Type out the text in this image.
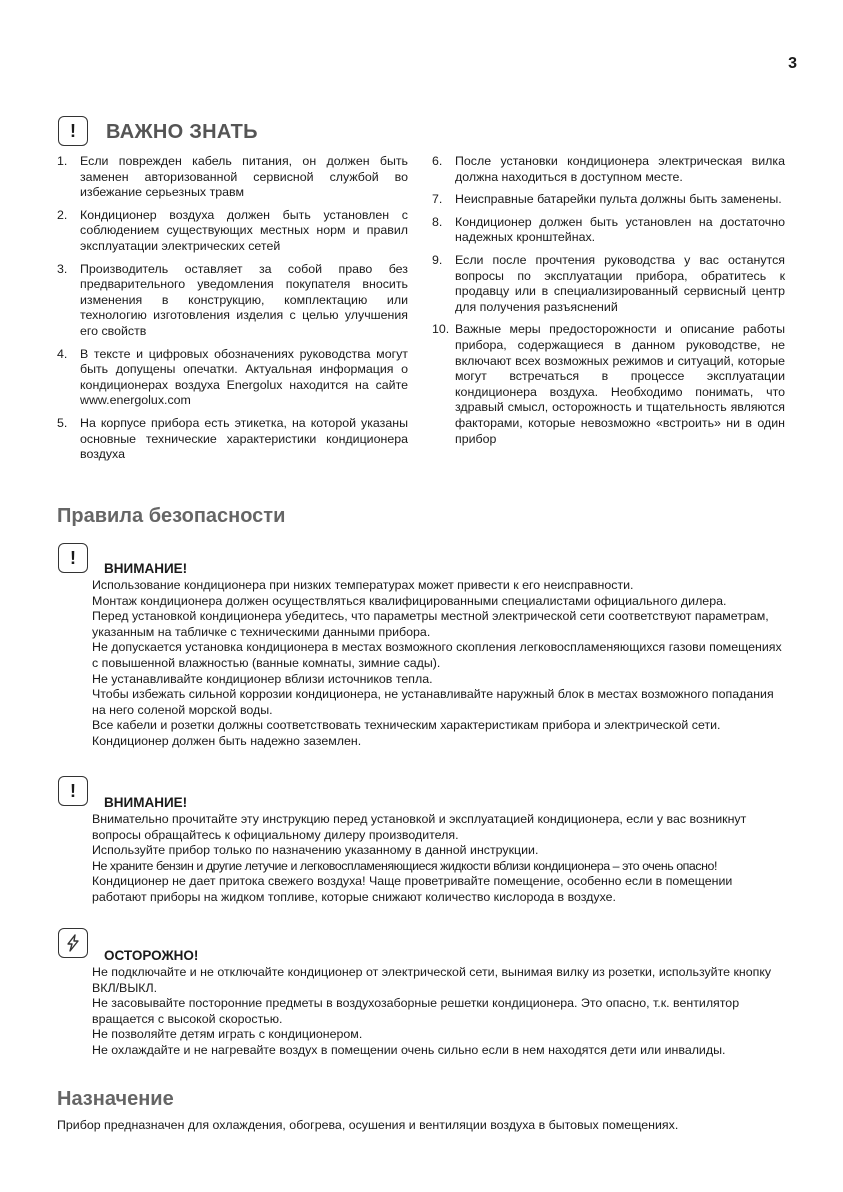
3
!	ВАЖНО ЗНАТЬ
1. Если поврежден кабель питания, он должен быть заменен авторизованной сервисной службой во избежание серьезных травм
2. Кондиционер воздуха должен быть установлен с соблюдением существующих местных норм и правил эксплуатации электрических сетей
3. Производитель оставляет за собой право без предварительного уведомления покупателя вносить изменения в конструкцию, комплектацию или технологию изготовления изделия с целью улучшения его свойств
4. В тексте и цифровых обозначениях руководства могут быть допущены опечатки. Актуальная информация о кондиционерах воздуха Energolux находится на сайте www.energolux.com
5. На корпусе прибора есть этикетка, на которой указаны основные технические характеристики кондиционера воздуха
6. После установки кондиционера электрическая вилка должна находиться в доступном месте.
7. Неисправные батарейки пульта должны быть заменены.
8. Кондиционер должен быть установлен на достаточно надежных кронштейнах.
9. Если после прочтения руководства у вас останутся вопросы по эксплуатации прибора, обратитесь к продавцу или в специализированный сервисный центр для получения разъяснений
10. Важные меры предосторожности и описание работы прибора, содержащиеся в данном руководстве, не включают всех возможных режимов и ситуаций, которые могут встречаться в процессе эксплуатации кондиционера воздуха. Необходимо понимать, что здравый смысл, осторожность и тщательность являются факторами, которые невозможно «встроить» ни в один прибор
Правила безопасности
!
ВНИМАНИЕ!

Использование кондиционера при низких температурах может привести к его неисправности.

Монтаж кондиционера должен осуществляться квалифицированными специалистами официального дилера.

Перед установкой кондиционера убедитесь, что параметры местной электрической сети соответствуют параметрам, указанным на табличке с техническими данными прибора.

Не допускается установка кондиционера в местах возможного скопления легковоспламеняющихся газови помещениях с повышенной влажностью (ванные комнаты, зимние сады).

Не устанавливайте кондиционер вблизи источников тепла.

Чтобы избежать сильной коррозии кондиционера, не устанавливайте наружный блок в местах возможного попадания на него соленой морской воды.

Все кабели и розетки должны соответствовать техническим характеристикам прибора и электрической сети.

Кондиционер должен быть надежно заземлен.

!
ВНИМАНИЕ!

Внимательно прочитайте эту инструкцию перед установкой и эксплуатацией кондиционера, если у вас возникнут вопросы обращайтесь к официальному дилеру производителя.

Используйте прибор только по назначению указанному в данной инструкции.

Не храните бензин и другие летучие и легковоспламеняющиеся жидкости вблизи кондиционера – это очень опасно!

Кондиционер не дает притока свежего воздуха! Чаще проветривайте помещение, особенно если в помещении работают приборы на жидком топливе, которые снижают количество кислорода в воздухе.

ОСТОРОЖНО!

Не подключайте и не отключайте кондиционер от электрической сети, вынимая вилку из розетки, используйте кнопку ВКЛ/ВЫКЛ.

Не засовывайте посторонние предметы в воздухозаборные решетки кондиционера. Это опасно, т.к. вентилятор вращается с высокой скоростью.

Не позволяйте детям играть с кондиционером.

Не охлаждайте и не нагревайте воздух в помещении очень сильно если в нем находятся дети или инвалиды.

Назначение
Прибор предназначен для охлаждения, обогрева, осушения и вентиляции воздуха в бытовых помещениях.
